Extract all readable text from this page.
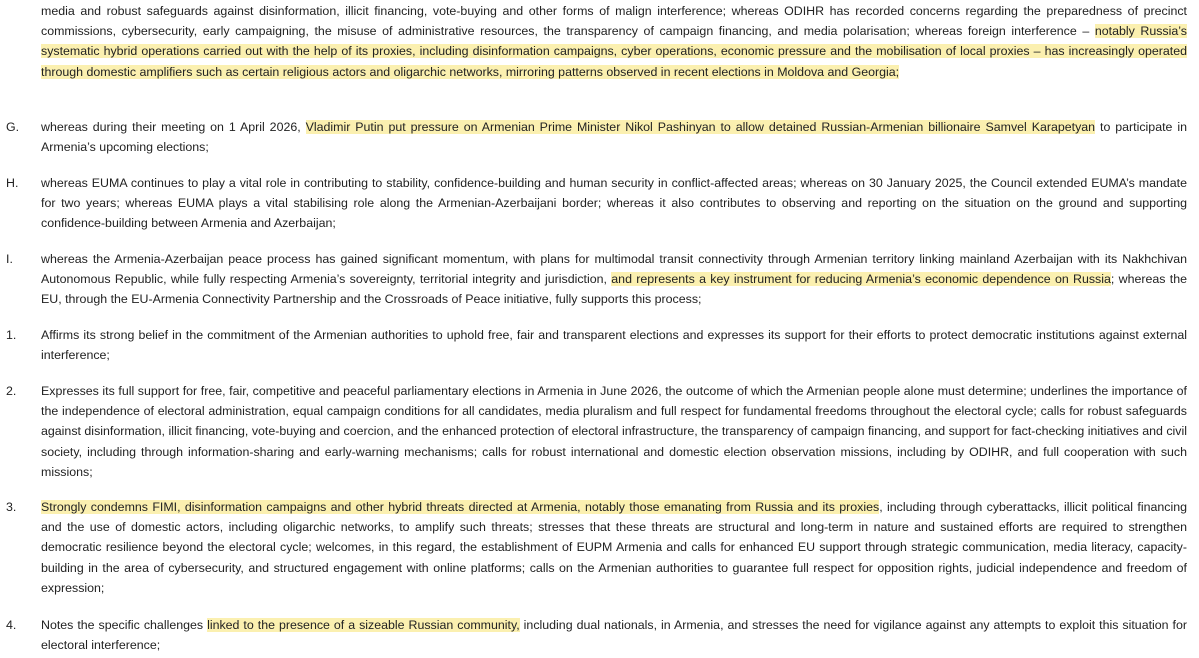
media and robust safeguards against disinformation, illicit financing, vote-buying and other forms of malign interference; whereas ODIHR has recorded concerns regarding the preparedness of precinct commissions, cybersecurity, early campaigning, the misuse of administrative resources, the transparency of campaign financing, and media polarisation; whereas foreign interference – notably Russia’s systematic hybrid operations carried out with the help of its proxies, including disinformation campaigns, cyber operations, economic pressure and the mobilisation of local proxies – has increasingly operated through domestic amplifiers such as certain religious actors and oligarchic networks, mirroring patterns observed in recent elections in Moldova and Georgia;
G. whereas during their meeting on 1 April 2026, Vladimir Putin put pressure on Armenian Prime Minister Nikol Pashinyan to allow detained Russian-Armenian billionaire Samvel Karapetyan to participate in Armenia’s upcoming elections;
H. whereas EUMA continues to play a vital role in contributing to stability, confidence-building and human security in conflict-affected areas; whereas on 30 January 2025, the Council extended EUMA’s mandate for two years; whereas EUMA plays a vital stabilising role along the Armenian-Azerbaijani border; whereas it also contributes to observing and reporting on the situation on the ground and supporting confidence-building between Armenia and Azerbaijan;
I. whereas the Armenia-Azerbaijan peace process has gained significant momentum, with plans for multimodal transit connectivity through Armenian territory linking mainland Azerbaijan with its Nakhchivan Autonomous Republic, while fully respecting Armenia’s sovereignty, territorial integrity and jurisdiction, and represents a key instrument for reducing Armenia’s economic dependence on Russia; whereas the EU, through the EU-Armenia Connectivity Partnership and the Crossroads of Peace initiative, fully supports this process;
1. Affirms its strong belief in the commitment of the Armenian authorities to uphold free, fair and transparent elections and expresses its support for their efforts to protect democratic institutions against external interference;
2. Expresses its full support for free, fair, competitive and peaceful parliamentary elections in Armenia in June 2026, the outcome of which the Armenian people alone must determine; underlines the importance of the independence of electoral administration, equal campaign conditions for all candidates, media pluralism and full respect for fundamental freedoms throughout the electoral cycle; calls for robust safeguards against disinformation, illicit financing, vote-buying and coercion, and the enhanced protection of electoral infrastructure, the transparency of campaign financing, and support for fact-checking initiatives and civil society, including through information-sharing and early-warning mechanisms; calls for robust international and domestic election observation missions, including by ODIHR, and full cooperation with such missions;
3. Strongly condemns FIMI, disinformation campaigns and other hybrid threats directed at Armenia, notably those emanating from Russia and its proxies, including through cyberattacks, illicit political financing and the use of domestic actors, including oligarchic networks, to amplify such threats; stresses that these threats are structural and long-term in nature and sustained efforts are required to strengthen democratic resilience beyond the electoral cycle; welcomes, in this regard, the establishment of EUPM Armenia and calls for enhanced EU support through strategic communication, media literacy, capacity-building in the area of cybersecurity, and structured engagement with online platforms; calls on the Armenian authorities to guarantee full respect for opposition rights, judicial independence and freedom of expression;
4. Notes the specific challenges linked to the presence of a sizeable Russian community, including dual nationals, in Armenia, and stresses the need for vigilance against any attempts to exploit this situation for electoral interference;
